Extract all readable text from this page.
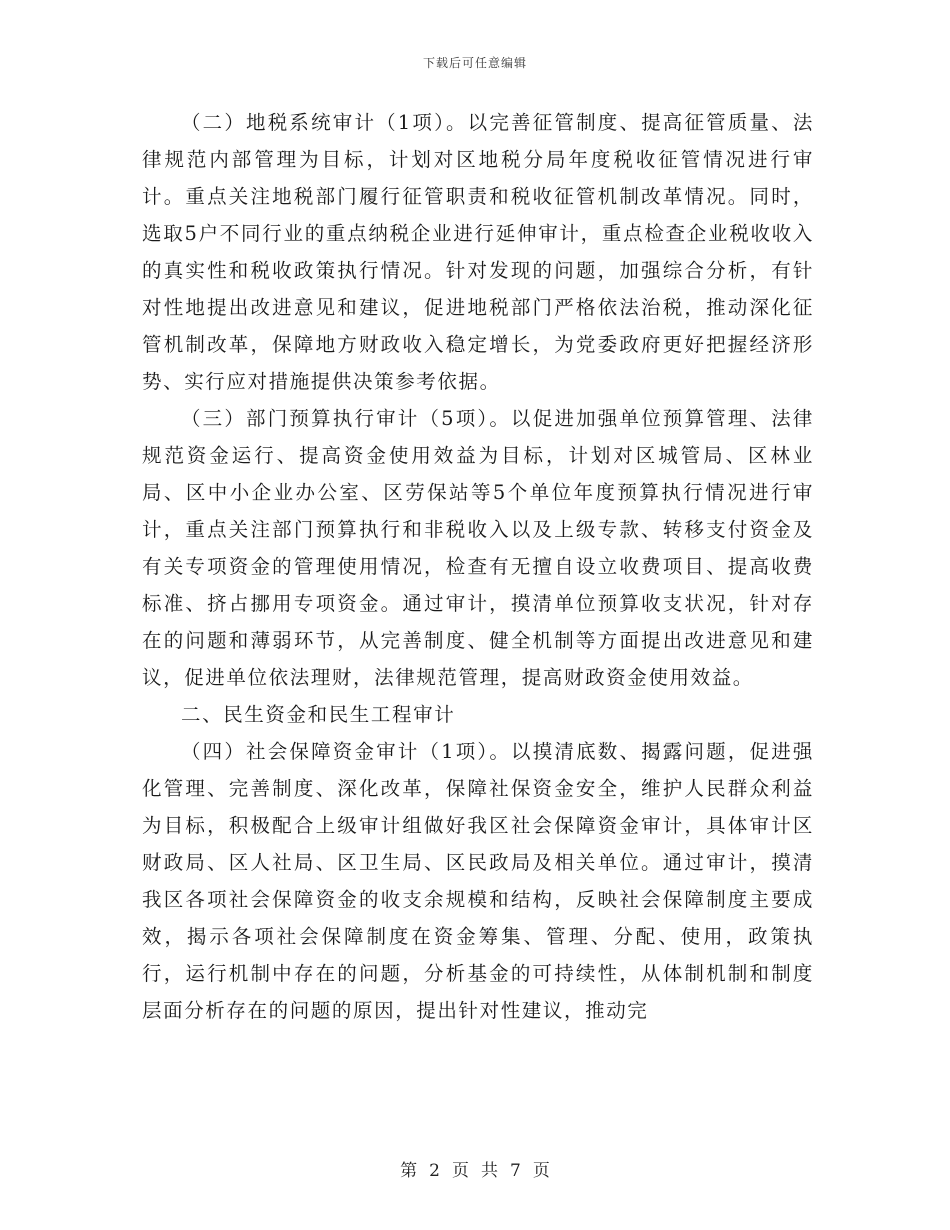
下载后可任意编辑

（二）地税系统审计（1项）。以完善征管制度、提高征管质量、法律规范内部管理为目标，计划对区地税分局年度税收征管情况进行审计。重点关注地税部门履行征管职责和税收征管机制改革情况。同时，选取5户不同行业的重点纳税企业进行延伸审计，重点检查企业税收收入的真实性和税收政策执行情况。针对发现的问题，加强综合分析，有针对性地提出改进意见和建议，促进地税部门严格依法治税，推动深化征管机制改革，保障地方财政收入稳定增长，为党委政府更好把握经济形势、实行应对措施提供决策参考依据。

（三）部门预算执行审计（5项）。以促进加强单位预算管理、法律规范资金运行、提高资金使用效益为目标，计划对区城管局、区林业局、区中小企业办公室、区劳保站等5个单位年度预算执行情况进行审计，重点关注部门预算执行和非税收入以及上级专款、转移支付资金及有关专项资金的管理使用情况，检查有无擅自设立收费项目、提高收费标准、挤占挪用专项资金。通过审计，摸清单位预算收支状况，针对存在的问题和薄弱环节，从完善制度、健全机制等方面提出改进意见和建议，促进单位依法理财，法律规范管理，提高财政资金使用效益。

二、民生资金和民生工程审计

（四）社会保障资金审计（1项）。以摸清底数、揭露问题，促进强化管理、完善制度、深化改革，保障社保资金安全，维护人民群众利益为目标，积极配合上级审计组做好我区社会保障资金审计，具体审计区财政局、区人社局、区卫生局、区民政局及相关单位。通过审计，摸清我区各项社会保障资金的收支余规模和结构，反映社会保障制度主要成效，揭示各项社会保障制度在资金筹集、管理、分配、使用，政策执行，运行机制中存在的问题，分析基金的可持续性，从体制机制和制度层面分析存在的问题的原因，提出针对性建议，推动完

第 2 页 共 7 页
